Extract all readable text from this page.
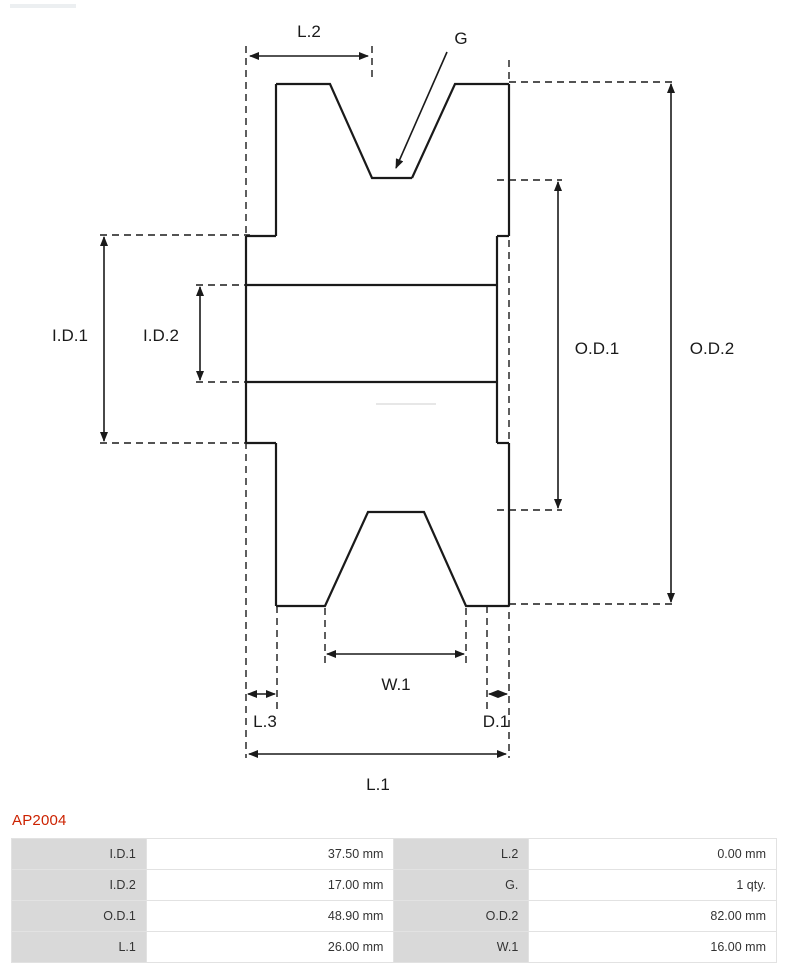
L.2	G
I.D.1	I.D.2
O.D.1	O.D.2
W.1
L.3	D.1
L.1
AP2004
I.D.1	37.50 mm	L.2	0.00 mm
I.D.2	17.00 mm	G.	1 qty.
O.D.1	48.90 mm	O.D.2	82.00 mm
L.1	26.00 mm	W.1	16.00 mm
